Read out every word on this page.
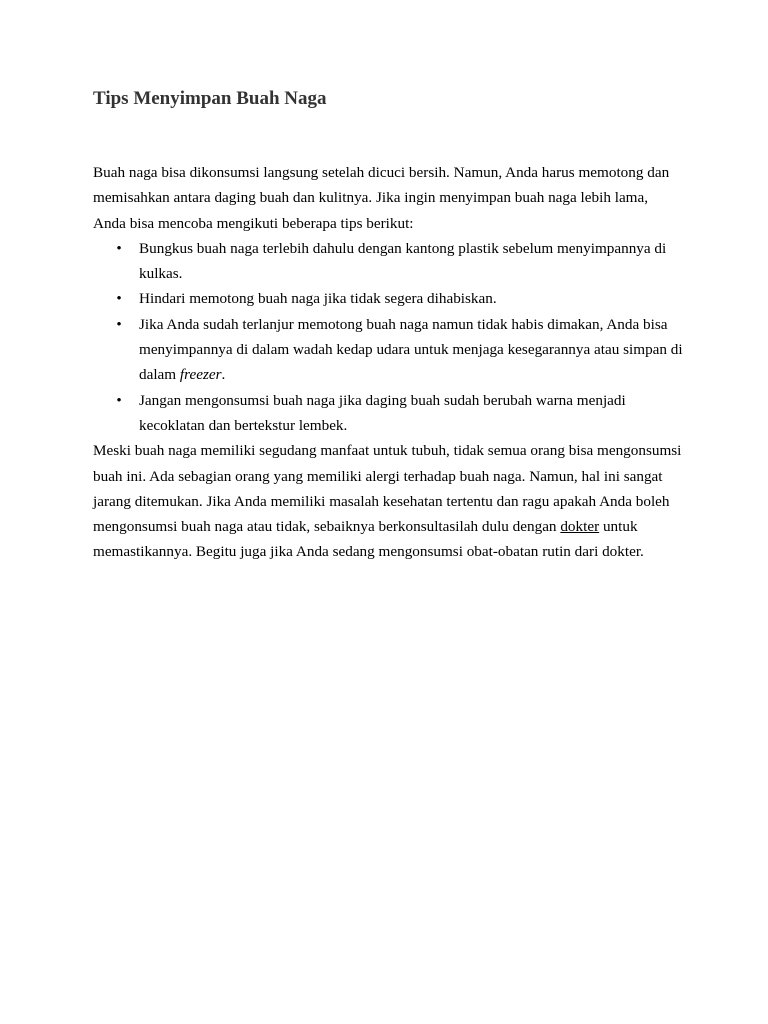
Tips Menyimpan Buah Naga

Buah naga bisa dikonsumsi langsung setelah dicuci bersih. Namun, Anda harus memotong dan memisahkan antara daging buah dan kulitnya. Jika ingin menyimpan buah naga lebih lama, Anda bisa mencoba mengikuti beberapa tips berikut:

• Bungkus buah naga terlebih dahulu dengan kantong plastik sebelum menyimpannya di kulkas.
• Hindari memotong buah naga jika tidak segera dihabiskan.
• Jika Anda sudah terlanjur memotong buah naga namun tidak habis dimakan, Anda bisa menyimpannya di dalam wadah kedap udara untuk menjaga kesegarannya atau simpan di dalam freezer.
• Jangan mengonsumsi buah naga jika daging buah sudah berubah warna menjadi kecoklatan dan bertekstur lembek.

Meski buah naga memiliki segudang manfaat untuk tubuh, tidak semua orang bisa mengonsumsi buah ini. Ada sebagian orang yang memiliki alergi terhadap buah naga. Namun, hal ini sangat jarang ditemukan. Jika Anda memiliki masalah kesehatan tertentu dan ragu apakah Anda boleh mengonsumsi buah naga atau tidak, sebaiknya berkonsultasilah dulu dengan dokter untuk memastikannya. Begitu juga jika Anda sedang mengonsumsi obat-obatan rutin dari dokter.
